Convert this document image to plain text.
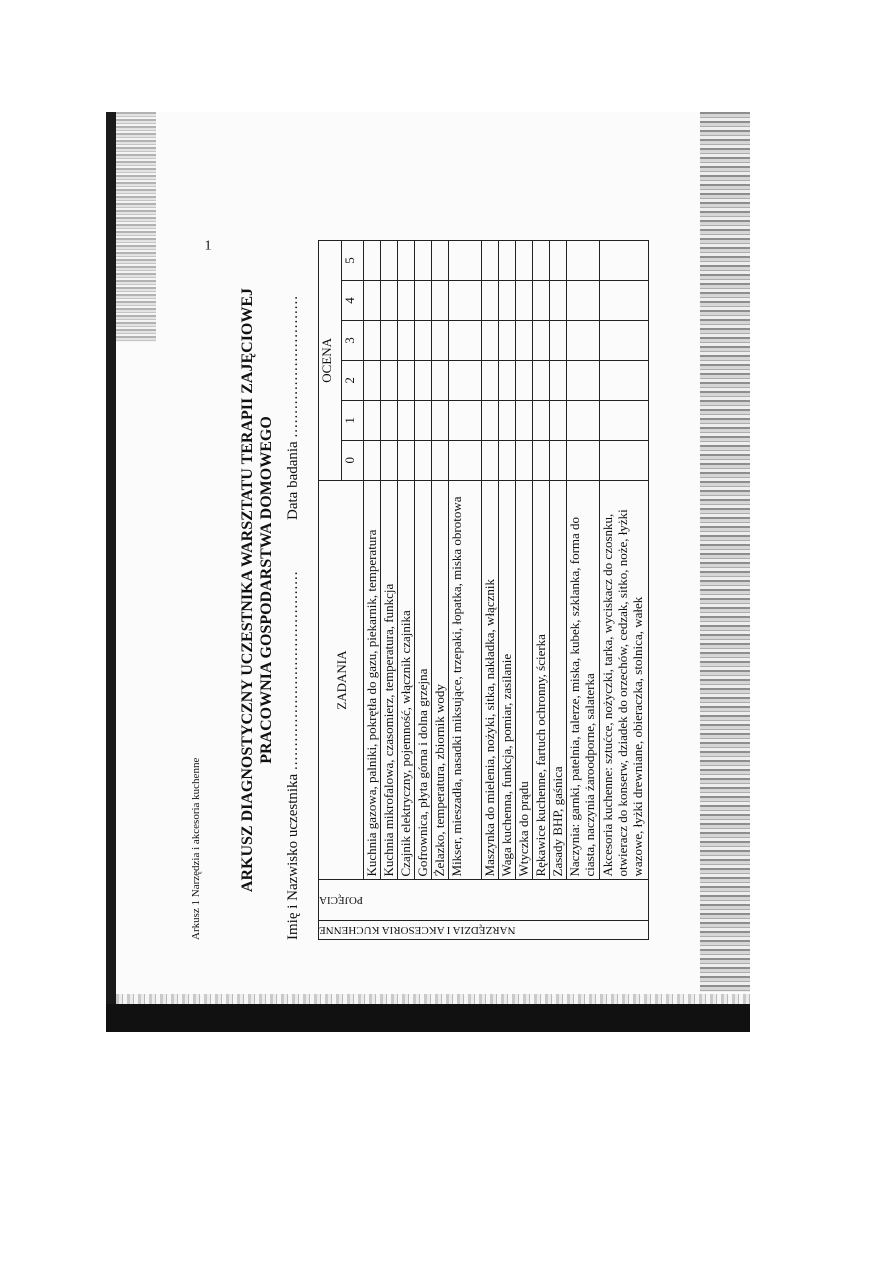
1
Arkusz 1 Narzędzia i akcesoria kuchenne ARKUSZ DIAGNOSTYCZNY UCZESTNIKA WARSZTATU TERAPII ZAJĘCIOWEJ PRACOWNIA GOSPODARSTWA DOMOWEGO
Imię i Nazwisko uczestnika ..........................................
Data badania ..............................
NARZĘDZIA I AKCESORIA KUCHENNE	POJĘCIA	ZADANIA	OCENA					
			0	1	2	3	4	5
		Kuchnia gazowa, palniki, pokrętła do gazu, piekarnik, temperatura						
		Kuchnia mikrofalowa, czasomierz, temperatura, funkcja						
		Czajnik elektryczny, pojemność, włącznik czajnika						
		Gofrownica, płyta górna i dolna grzejna						
		Żelazko, temperatura, zbiornik wody						
		Mikser, mieszadła, nasadki miksujące, trzepaki, łopatka, miska obrotowa						
		Maszynka do mielenia, nożyki, sitka, nakładka, włącznik						
		Waga kuchenna, funkcja, pomiar, zasilanie						
		Wtyczka do prądu						
		Rękawice kuchenne, fartuch ochronny, ścierka						
		Zasady BHP, gaśnica						
		Naczynia: garnki, patelnia, talerze, miska, kubek, szklanka, forma do ciasta, naczynia żaroodporne, salaterka						
		Akcesoria kuchenne: sztućce, nożyczki, tarka, wyciskacz do czosnku, otwieracz do konserw, dziadek do orzechów, cedzak, sitko, noże, łyżki wazowe, łyżki drewniane, obieraczka, stolnica, wałek						
